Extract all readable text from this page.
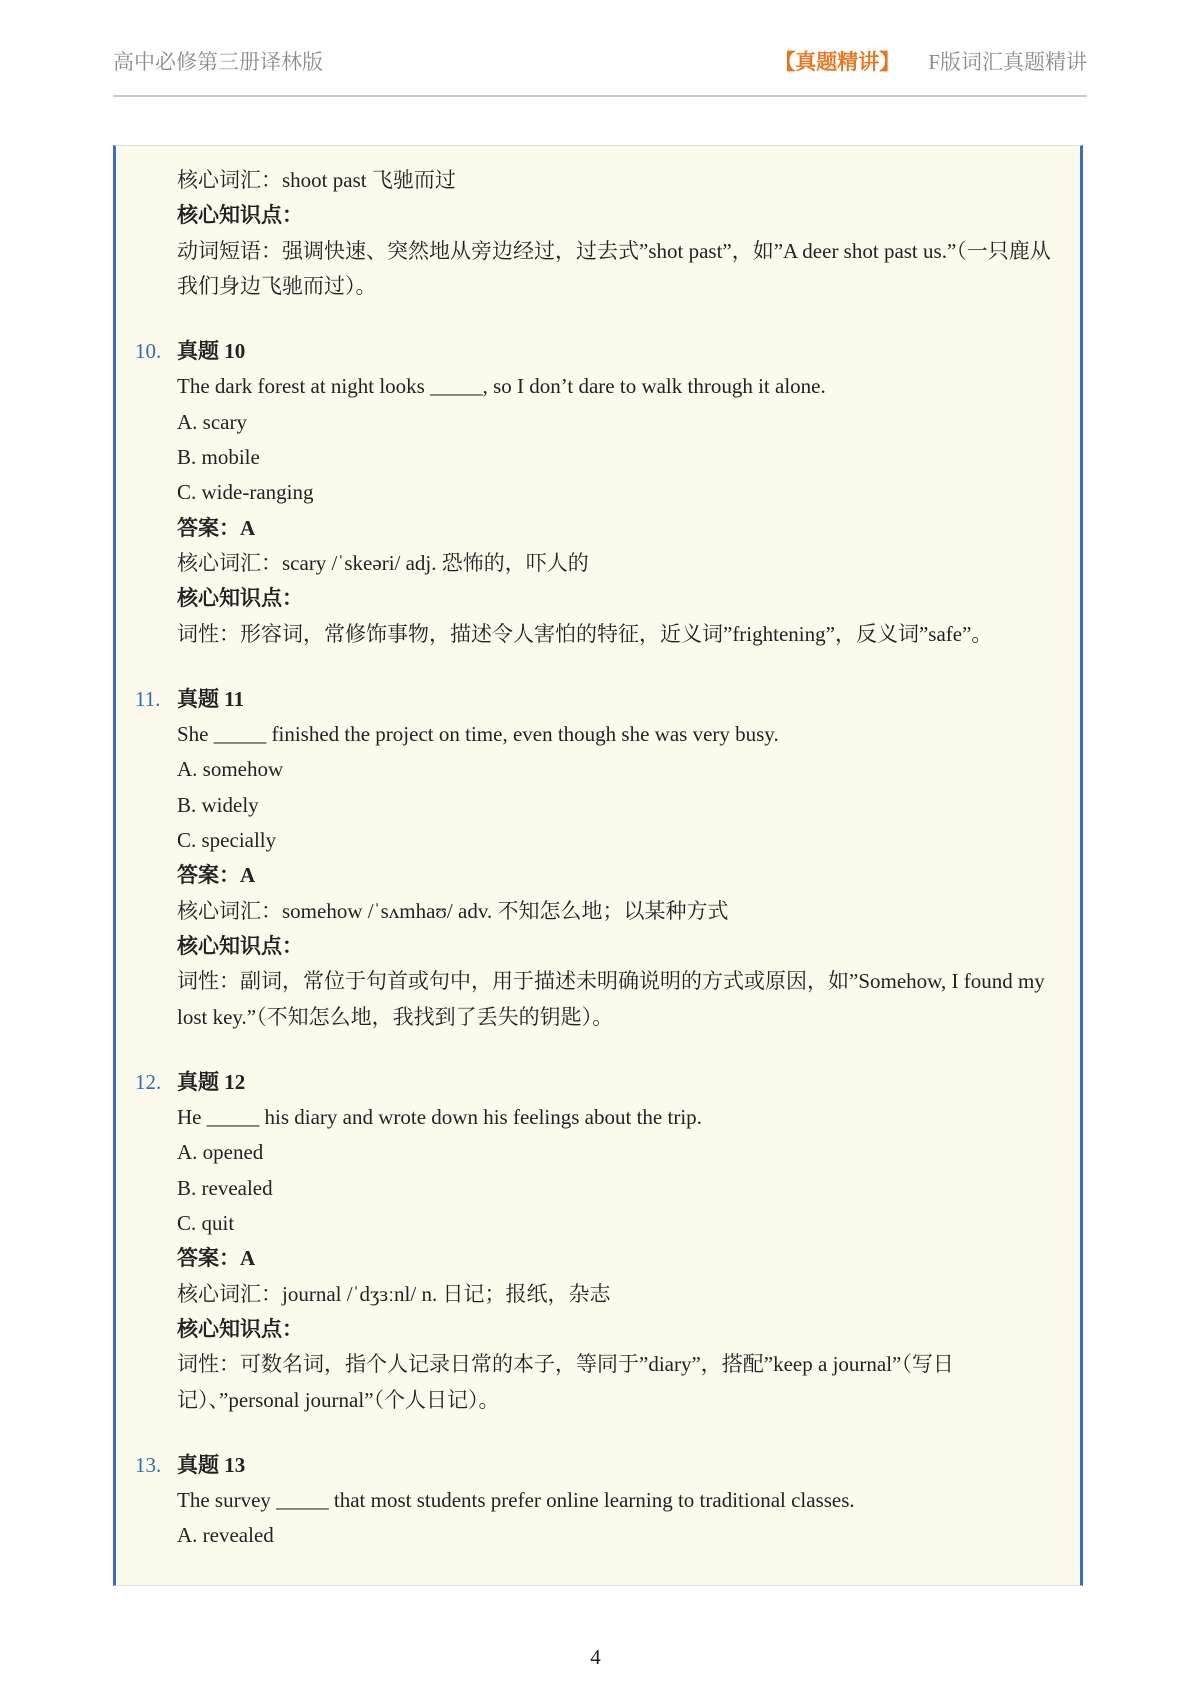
高中必修第三册译林版	【真题精讲】 F版词汇真题精讲
核心词汇：shoot past 飞驰而过
核心知识点：
动词短语：强调快速、突然地从旁边经过，过去式”shot past”，如”A deer shot past us.”（一只鹿从我们身边飞驰而过）。
10. 真题 10
The dark forest at night looks _____, so I don’t dare to walk through it alone.
A. scary
B. mobile
C. wide-ranging
答案：A
核心词汇：scary /ˈskeəri/ adj. 恐怖的，吓人的
核心知识点：
词性：形容词，常修饰事物，描述令人害怕的特征，近义词”frightening”，反义词”safe”。
11. 真题 11
She _____ finished the project on time, even though she was very busy.
A. somehow
B. widely
C. specially
答案：A
核心词汇：somehow /ˈsʌmhaʊ/ adv. 不知怎么地；以某种方式
核心知识点：
词性：副词，常位于句首或句中，用于描述未明确说明的方式或原因，如”Somehow, I found my lost key.”（不知怎么地，我找到了丢失的钥匙）。
12. 真题 12
He _____ his diary and wrote down his feelings about the trip.
A. opened
B. revealed
C. quit
答案：A
核心词汇：journal /ˈdʒɜːnl/ n. 日记；报纸，杂志
核心知识点：
词性：可数名词，指个人记录日常的本子，等同于”diary”，搭配”keep a journal”（写日记）、”personal journal”（个人日记）。
13. 真题 13
The survey _____ that most students prefer online learning to traditional classes.
A. revealed
4
